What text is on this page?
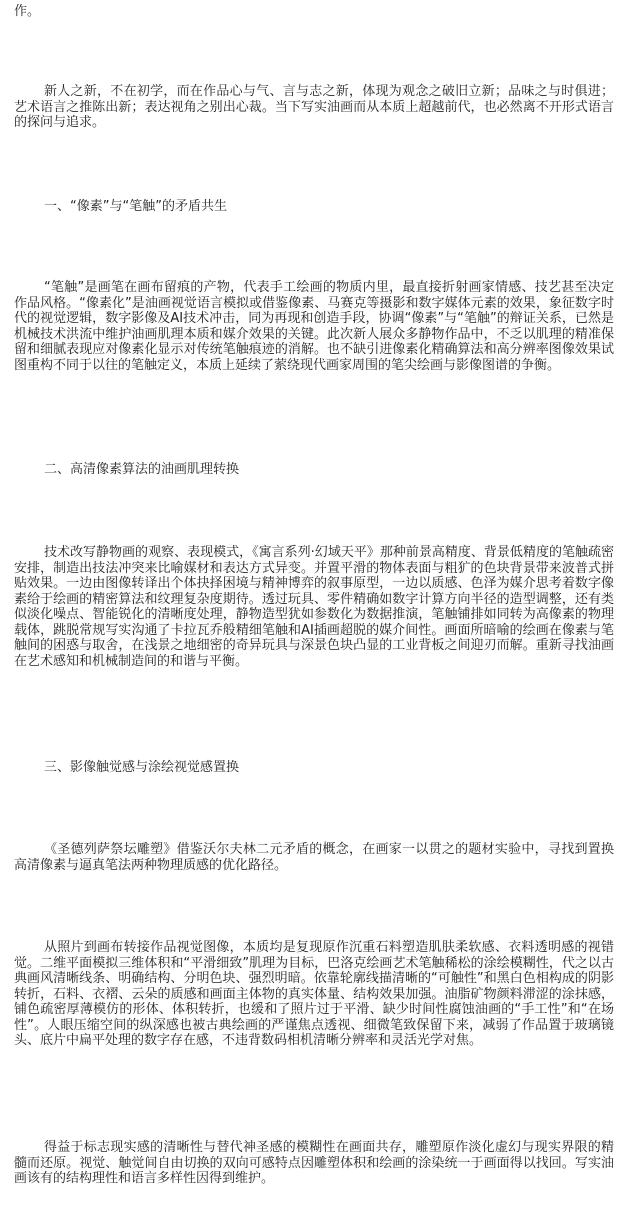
作。

新人之新，不在初学，而在作品心与气、言与志之新，体现为观念之破旧立新；品味之与时俱进；艺术语言之推陈出新；表达视角之别出心裁。当下写实油画而从本质上超越前代，也必然离不开形式语言的探问与追求。

一、“像素”与“笔触”的矛盾共生

“笔触”是画笔在画布留痕的产物，代表手工绘画的物质内里，最直接折射画家情感、技艺甚至决定作品风格。“像素化”是油画视觉语言模拟或借鉴像素、马赛克等摄影和数字媒体元素的效果，象征数字时代的视觉逻辑，数字影像及AI技术冲击，同为再现和创造手段，协调“像素”与“笔触”的辩证关系，已然是机械技术洪流中维护油画肌理本质和媒介效果的关键。此次新人展众多静物作品中，不乏以肌理的精准保留和细腻表现应对像素化显示对传统笔触痕迹的消解。也不缺引进像素化精确算法和高分辨率图像效果试图重构不同于以往的笔触定义，本质上延续了萦绕现代画家周围的笔尖绘画与影像图谱的争衡。

二、高清像素算法的油画肌理转换

技术改写静物画的观察、表现模式，《寓言系列·幻域天平》那种前景高精度、背景低精度的笔触疏密安排，制造出技法冲突来比喻媒材和表达方式异变。并置平滑的物体表面与粗犷的色块背景带来波普式拼贴效果。一边由图像转译出个体抉择困境与精神博弈的叙事原型，一边以质感、色泽为媒介思考着数字像素给于绘画的精密算法和纹理复杂度期待。透过玩具、零件精确如数字计算方向半径的造型调整，还有类似淡化噪点、智能锐化的清晰度处理，静物造型犹如参数化为数据推演，笔触铺排如同转为高像素的物理载体，跳脱常规写实沟通了卡拉瓦乔般精细笔触和AI插画超脱的媒介间性。画面所暗喻的绘画在像素与笔触间的困惑与取舍，在浅景之地细密的奇异玩具与深景色块凸显的工业背板之间迎刃而解。重新寻找油画在艺术感知和机械制造间的和谐与平衡。

三、影像触觉感与涂绘视觉感置换

《圣德列萨祭坛雕塑》借鉴沃尔夫林二元矛盾的概念，在画家一以贯之的题材实验中，寻找到置换高清像素与逼真笔法两种物理质感的优化路径。

从照片到画布转接作品视觉图像，本质均是复现原作沉重石料塑造肌肤柔软感、衣料透明感的视错觉。二维平面模拟三维体积和“平滑细致”肌理为目标，巴洛克绘画艺术笔触稀松的涂绘模糊性，代之以古典画风清晰线条、明确结构、分明色块、强烈明暗。依靠轮廓线描清晰的“可触性”和黑白色相构成的阴影转折，石料、衣褶、云朵的质感和画面主体物的真实体量、结构效果加强。油脂矿物颜料滞涩的涂抹感，铺色疏密厚薄模仿的形体、体积转折，也缓和了照片过于平滑、缺少时间性腐蚀油画的“手工性”和“在场性”。人眼压缩空间的纵深感也被古典绘画的严谨焦点透视、细微笔致保留下来，减弱了作品置于玻璃镜头、底片中扁平处理的数字存在感，不违背数码相机清晰分辨率和灵活光学对焦。

得益于标志现实感的清晰性与替代神圣感的模糊性在画面共存，雕塑原作淡化虚幻与现实界限的精髓而还原。视觉、触觉间自由切换的双向可感特点因雕塑体积和绘画的涂染统一于画面得以找回。写实油画该有的结构理性和语言多样性因得到维护。
